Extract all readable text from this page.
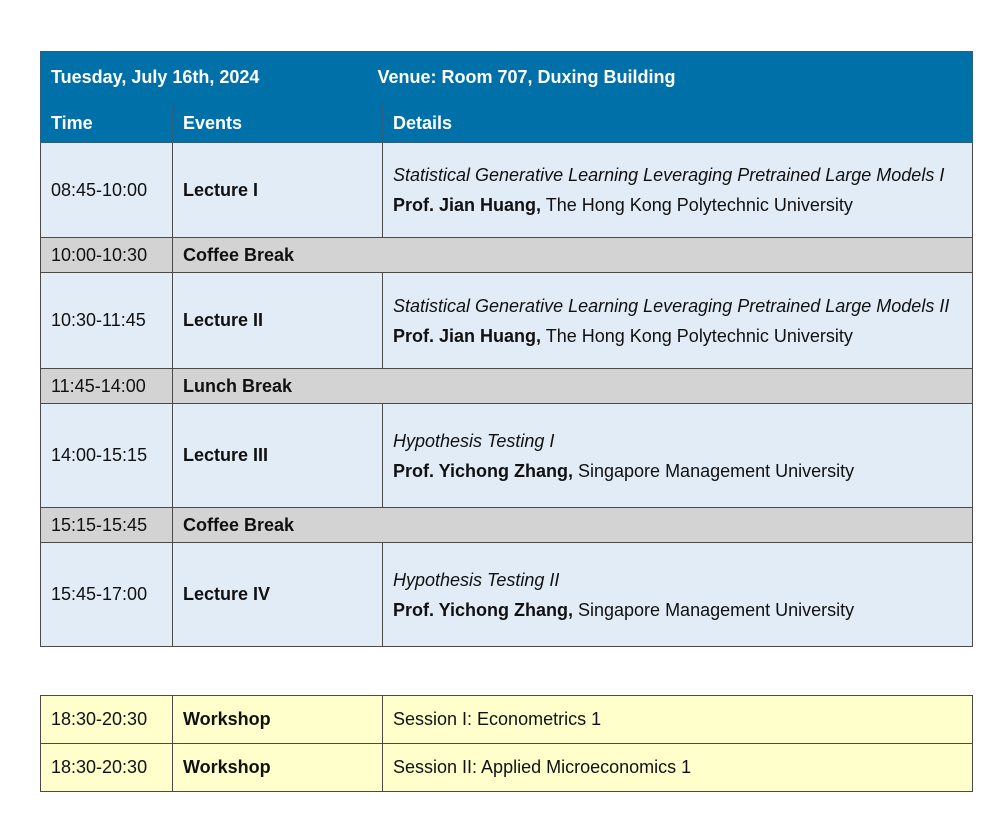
Tuesday, July 16th, 2024 Venue: Room 707, Duxing Building		
Time	Events	Details
08:45-10:00	Lecture I	Statistical Generative Learning Leveraging Pretrained Large Models I
Prof. Jian Huang, The Hong Kong Polytechnic University

10:00-10:30	Coffee Break	
10:30-11:45	Lecture II	Statistical Generative Learning Leveraging Pretrained Large Models II
Prof. Jian Huang, The Hong Kong Polytechnic University

11:45-14:00	Lunch Break	
14:00-15:15	Lecture III	Hypothesis Testing I
Prof. Yichong Zhang, Singapore Management University

15:15-15:45	Coffee Break	
15:45-17:00	Lecture IV	Hypothesis Testing II
Prof. Yichong Zhang, Singapore Management University
18:30-20:30	Workshop	Session I: Econometrics 1
18:30-20:30	Workshop	Session II: Applied Microeconomics 1
